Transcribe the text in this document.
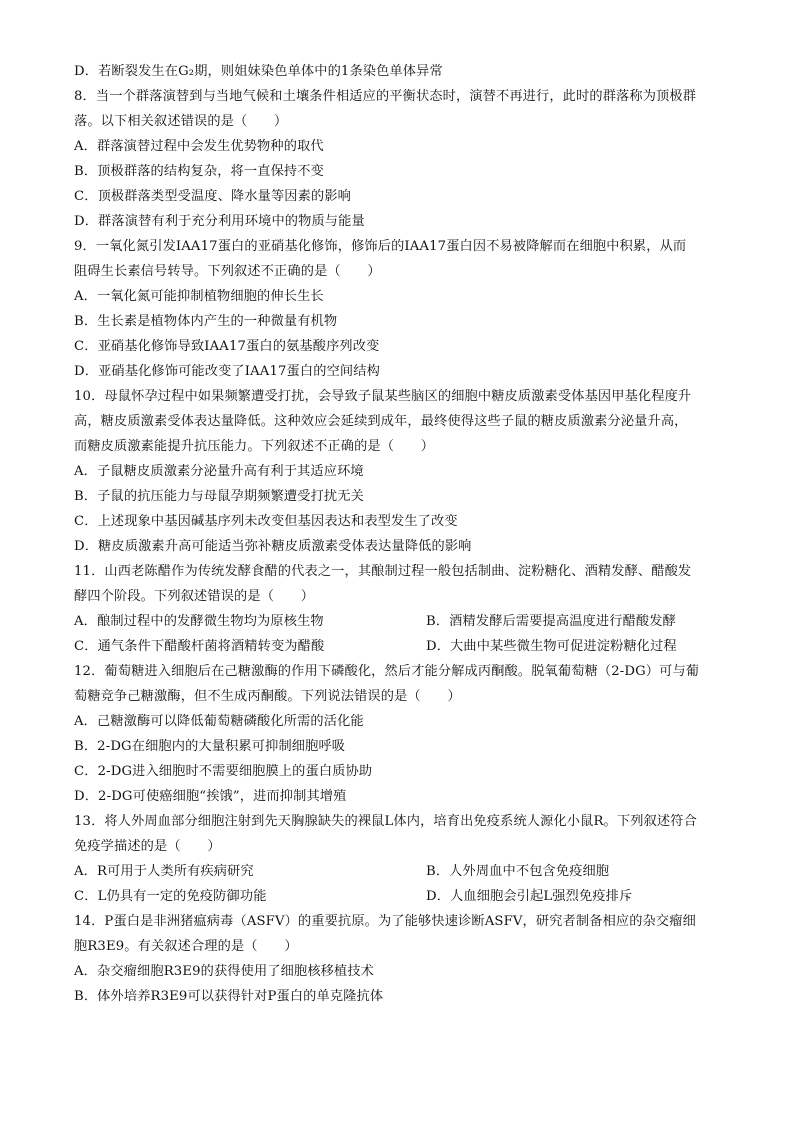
D．若断裂发生在G₂期，则姐妹染色单体中的1条染色单体异常
8．当一个群落演替到与当地气候和土壤条件相适应的平衡状态时，演替不再进行，此时的群落称为顶极群
落。以下相关叙述错误的是（　　）
A．群落演替过程中会发生优势物种的取代
B．顶极群落的结构复杂，将一直保持不变
C．顶极群落类型受温度、降水量等因素的影响
D．群落演替有利于充分利用环境中的物质与能量
9．一氧化氮引发IAA17蛋白的亚硝基化修饰，修饰后的IAA17蛋白因不易被降解而在细胞中积累，从而
阻碍生长素信号转导。下列叙述不正确的是（　　）
A．一氧化氮可能抑制植物细胞的伸长生长
B．生长素是植物体内产生的一种微量有机物
C．亚硝基化修饰导致IAA17蛋白的氨基酸序列改变
D．亚硝基化修饰可能改变了IAA17蛋白的空间结构
10．母鼠怀孕过程中如果频繁遭受打扰，会导致子鼠某些脑区的细胞中糖皮质激素受体基因甲基化程度升
高，糖皮质激素受体表达量降低。这种效应会延续到成年，最终使得这些子鼠的糖皮质激素分泌量升高，
而糖皮质激素能提升抗压能力。下列叙述不正确的是（　　）
A．子鼠糖皮质激素分泌量升高有利于其适应环境
B．子鼠的抗压能力与母鼠孕期频繁遭受打扰无关
C．上述现象中基因碱基序列未改变但基因表达和表型发生了改变
D．糖皮质激素升高可能适当弥补糖皮质激素受体表达量降低的影响
11．山西老陈醋作为传统发酵食醋的代表之一，其酿制过程一般包括制曲、淀粉糖化、酒精发酵、醋酸发
酵四个阶段。下列叙述错误的是（　　）
A．酿制过程中的发酵微生物均为原核生物	B．酒精发酵后需要提高温度进行醋酸发酵
C．通气条件下醋酸杆菌将酒精转变为醋酸	D．大曲中某些微生物可促进淀粉糖化过程
12．葡萄糖进入细胞后在己糖激酶的作用下磷酸化，然后才能分解成丙酮酸。脱氧葡萄糖（2-DG）可与葡
萄糖竞争己糖激酶，但不生成丙酮酸。下列说法错误的是（　　）
A．己糖激酶可以降低葡萄糖磷酸化所需的活化能
B．2-DG在细胞内的大量积累可抑制细胞呼吸
C．2-DG进入细胞时不需要细胞膜上的蛋白质协助
D．2-DG可使癌细胞“挨饿”，进而抑制其增殖
13．将人外周血部分细胞注射到先天胸腺缺失的裸鼠L体内，培育出免疫系统人源化小鼠R。下列叙述符合
免疫学描述的是（　　）
A．R可用于人类所有疾病研究	B．人外周血中不包含免疫细胞
C．L仍具有一定的免疫防御功能	D．人血细胞会引起L强烈免疫排斥
14．P蛋白是非洲猪瘟病毒（ASFV）的重要抗原。为了能够快速诊断ASFV，研究者制备相应的杂交瘤细
胞R3E9。有关叙述合理的是（　　）
A．杂交瘤细胞R3E9的获得使用了细胞核移植技术
B．体外培养R3E9可以获得针对P蛋白的单克隆抗体
